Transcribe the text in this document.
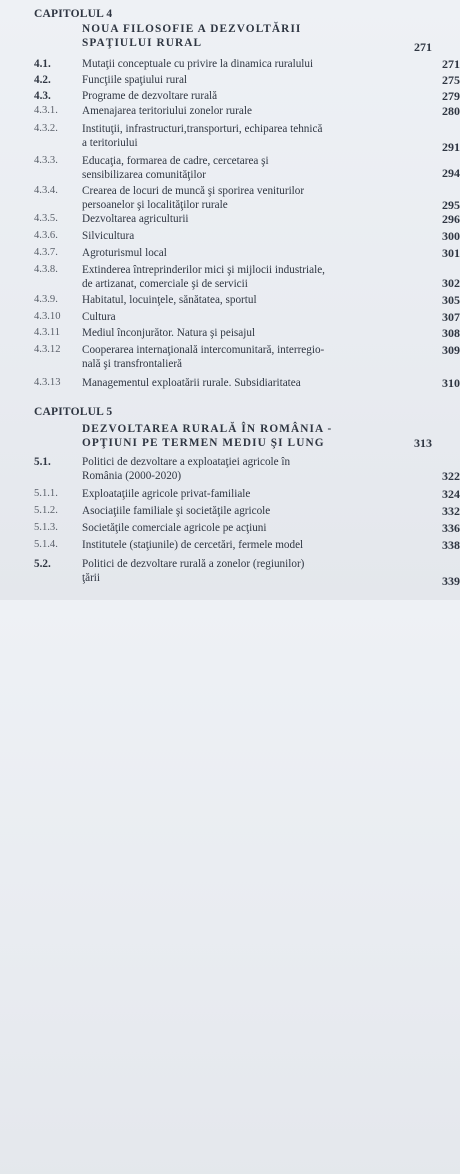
CAPITOLUL 4
NOUA FILOSOFIE A DEZVOLTĂRII
SPAŢIULUI RURAL	271
4.1.	Mutaţii conceptuale cu privire la dinamica ruralului	271
4.2.	Funcţiile spaţiului rural	275
4.3.	Programe de dezvoltare rurală	279
4.3.1.	Amenajarea teritoriului zonelor rurale	280
4.3.2.	Instituţii, infrastructuri,transporturi, echiparea tehnică
a teritoriului	291
4.3.3.	Educaţia, formarea de cadre, cercetarea şi
sensibilizarea comunităţilor	294
4.3.4.	Crearea de locuri de muncă şi sporirea veniturilor
persoanelor şi localităţilor rurale	295
4.3.5.	Dezvoltarea agriculturii	296
4.3.6.	Silvicultura	300
4.3.7.	Agroturismul local	301
4.3.8.	Extinderea întreprinderilor mici şi mijlocii industriale,
de artizanat, comerciale şi de servicii	302
4.3.9.	Habitatul, locuinţele, sănătatea, sportul	305
4.3.10	Cultura	307
4.3.11	Mediul înconjurător. Natura şi peisajul	308
4.3.12	Cooperarea internaţională intercomunitară, interregio-
nală şi transfrontalieră
309
4.3.13	Managementul exploatării rurale. Subsidiaritatea	310
CAPITOLUL 5
DEZVOLTAREA RURALĂ ÎN ROMÂNIA -
OPŢIUNI PE TERMEN MEDIU ŞI LUNG	313
5.1.	Politici de dezvoltare a exploataţiei agricole în
România (2000-2020)	322
5.1.1.	Exploataţiile agricole privat-familiale	324
5.1.2.	Asociaţiile familiale şi societăţile agricole	332
5.1.3.	Societăţile comerciale agricole pe acţiuni	336
5.1.4.	Institutele (staţiunile) de cercetări, fermele model	338
5.2.	Politici de dezvoltare rurală a zonelor (regiunilor)
ţării	339
